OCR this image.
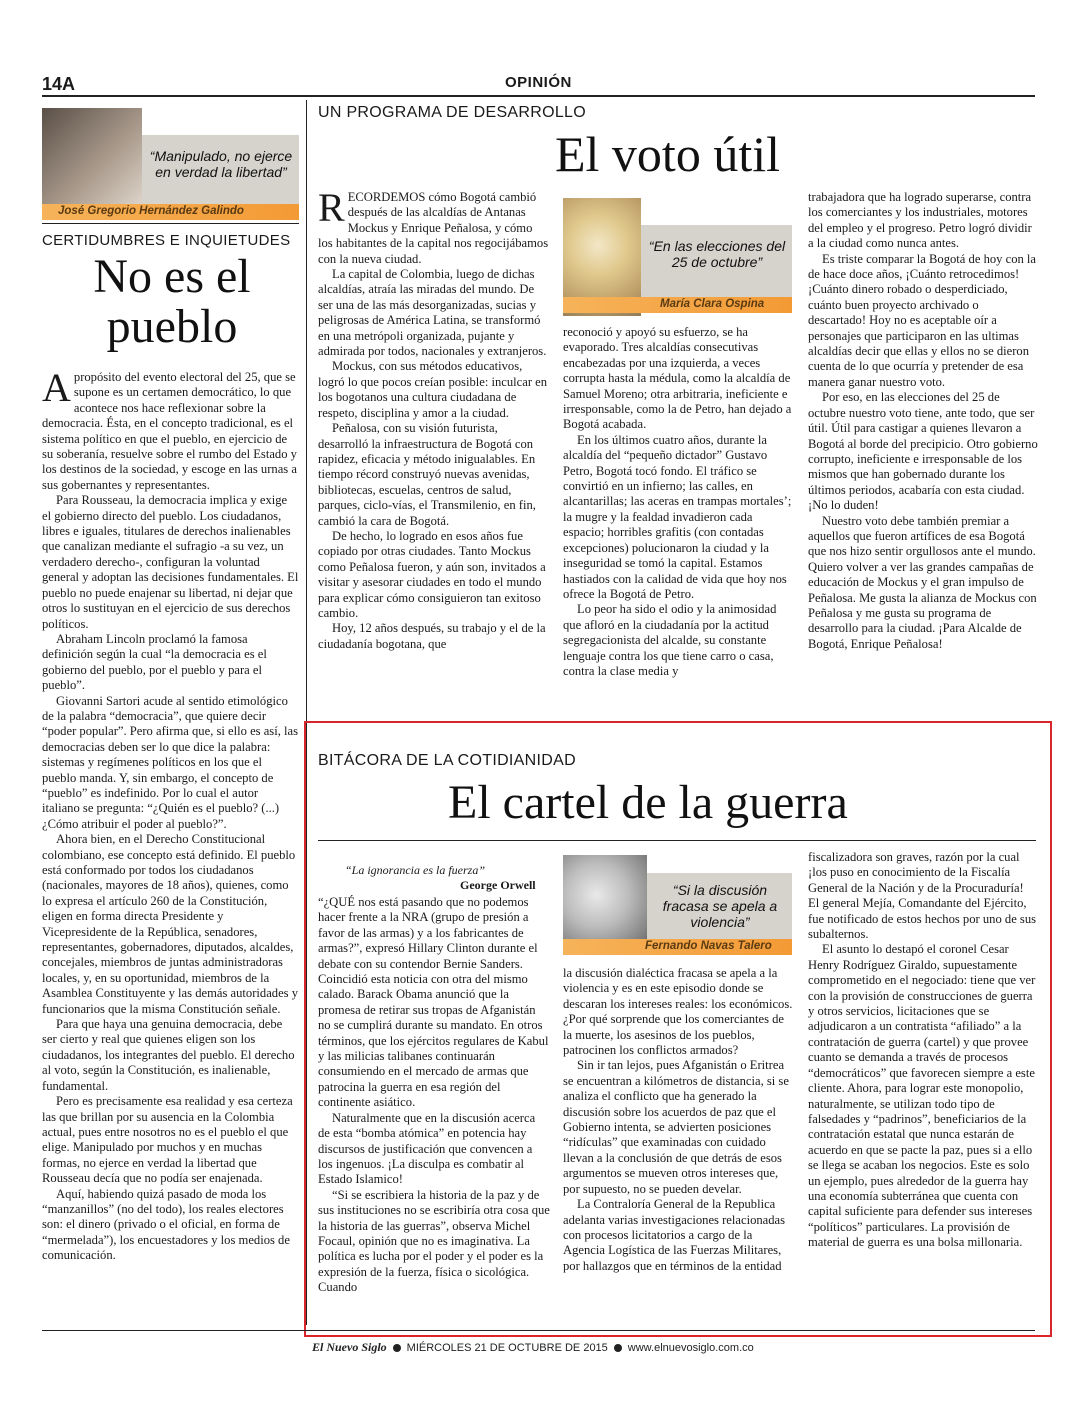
14A	OPINIÓN
“Manipulado, no ejerce en verdad la libertad”
José Gregorio Hernández Galindo
CERTIDUMBRES E INQUIETUDES
No es el pueblo

Apropósito del evento electoral del 25, que se supone es un certamen democrático, lo que acontece nos hace reflexionar sobre la democracia. Ésta, en el concepto tradicional, es el sistema político en que el pueblo, en ejercicio de su soberanía, resuelve sobre el rumbo del Estado y los destinos de la sociedad, y escoge en las urnas a sus gobernantes y representantes.

Para Rousseau, la democracia implica y exige el gobierno directo del pueblo. Los ciudadanos, libres e iguales, titulares de derechos inalienables que canalizan mediante el sufragio -a su vez, un verdadero derecho-, configuran la voluntad general y adoptan las decisiones fundamentales. El pueblo no puede enajenar su libertad, ni dejar que otros lo sustituyan en el ejercicio de sus derechos políticos.

Abraham Lincoln proclamó la famosa definición según la cual “la democracia es el gobierno del pueblo, por el pueblo y para el pueblo”.

Giovanni Sartori acude al sentido etimológico de la palabra “democracia”, que quiere decir “poder popular”. Pero afirma que, si ello es así, las democracias deben ser lo que dice la palabra: sistemas y regímenes políticos en los que el pueblo manda. Y, sin embargo, el concepto de “pueblo” es indefinido. Por lo cual el autor italiano se pregunta: “¿Quién es el pueblo? (...) ¿Cómo atribuir el poder al pueblo?”.

Ahora bien, en el Derecho Constitucional colombiano, ese concepto está definido. El pueblo está conformado por todos los ciudadanos (nacionales, mayores de 18 años), quienes, como lo expresa el artículo 260 de la Constitución, eligen en forma directa Presidente y Vicepresidente de la República, senadores, representantes, gobernadores, diputados, alcaldes, concejales, miembros de juntas administradoras locales, y, en su oportunidad, miembros de la Asamblea Constituyente y las demás autoridades y funcionarios que la misma Constitución señale.

Para que haya una genuina democracia, debe ser cierto y real que quienes eligen son los ciudadanos, los integrantes del pueblo. El derecho al voto, según la Constitución, es inalienable, fundamental.

Pero es precisamente esa realidad y esa certeza las que brillan por su ausencia en la Colombia actual, pues entre nosotros no es el pueblo el que elige. Manipulado por muchos y en muchas formas, no ejerce en verdad la libertad que Rousseau decía que no podía ser enajenada.

Aquí, habiendo quizá pasado de moda los “manzanillos” (no del todo), los reales electores son: el dinero (privado o el oficial, en forma de “mermelada”), los encuestadores y los medios de comunicación.

UN PROGRAMA DE DESARROLLO
El voto útil

RECORDEMOS cómo Bogotá cambió después de las alcaldías de Antanas Mockus y Enrique Peñalosa, y cómo los habitantes de la capital nos regocijábamos con la nueva ciudad.

La capital de Colombia, luego de dichas alcaldías, atraía las miradas del mundo. De ser una de las más desorganizadas, sucias y peligrosas de América Latina, se transformó en una metrópoli organizada, pujante y admirada por todos, nacionales y extranjeros.

Mockus, con sus métodos educativos, logró lo que pocos creían posible: inculcar en los bogotanos una cultura ciudadana de respeto, disciplina y amor a la ciudad.

Peñalosa, con su visión futurista, desarrolló la infraestructura de Bogotá con rapidez, eficacia y método inigualables. En tiempo récord construyó nuevas avenidas, bibliotecas, escuelas, centros de salud, parques, ciclo-vías, el Transmilenio, en fin, cambió la cara de Bogotá.

De hecho, lo logrado en esos años fue copiado por otras ciudades. Tanto Mockus como Peñalosa fueron, y aún son, invitados a visitar y asesorar ciudades en todo el mundo para explicar cómo consiguieron tan exitoso cambio.

Hoy, 12 años después, su trabajo y el de la ciudadanía bogotana, que

“En las elecciones del 25 de octubre”
María Clara Ospina

reconoció y apoyó su esfuerzo, se ha evaporado. Tres alcaldías consecutivas encabezadas por una izquierda, a veces corrupta hasta la médula, como la alcaldía de Samuel Moreno; otra arbitraria, ineficiente e irresponsable, como la de Petro, han dejado a Bogotá acabada.

En los últimos cuatro años, durante la alcaldía del “pequeño dictador” Gustavo Petro, Bogotá tocó fondo. El tráfico se convirtió en un infierno; las calles, en alcantarillas; las aceras en trampas mortales’; la mugre y la fealdad invadieron cada espacio; horribles grafitis (con contadas excepciones) polucionaron la ciudad y la inseguridad se tomó la capital. Estamos hastiados con la calidad de vida que hoy nos ofrece la Bogotá de Petro.

Lo peor ha sido el odio y la animosidad que afloró en la ciudadanía por la actitud segregacionista del alcalde, su constante lenguaje contra los que tiene carro o casa, contra la clase media y

trabajadora que ha logrado superarse, contra los comerciantes y los industriales, motores del empleo y el progreso. Petro logró dividir a la ciudad como nunca antes.

Es triste comparar la Bogotá de hoy con la de hace doce años, ¡Cuánto retrocedimos! ¡Cuánto dinero robado o desperdiciado, cuánto buen proyecto archivado o descartado! Hoy no es aceptable oír a personajes que participaron en las ultimas alcaldías decir que ellas y ellos no se dieron cuenta de lo que ocurría y pretender de esa manera ganar nuestro voto.

Por eso, en las elecciones del 25 de octubre nuestro voto tiene, ante todo, que ser útil. Útil para castigar a quienes llevaron a Bogotá al borde del precipicio. Otro gobierno corrupto, ineficiente e irresponsable de los mismos que han gobernado durante los últimos periodos, acabaría con esta ciudad. ¡No lo duden!

Nuestro voto debe también premiar a aquellos que fueron artífices de esa Bogotá que nos hizo sentir orgullosos ante el mundo. Quiero volver a ver las grandes campañas de educación de Mockus y el gran impulso de Peñalosa. Me gusta la alianza de Mockus con Peñalosa y me gusta su programa de desarrollo para la ciudad. ¡Para Alcalde de Bogotá, Enrique Peñalosa!

BITÁCORA DE LA COTIDIANIDAD
El cartel de la guerra
“La ignorancia es la fuerza”
George Orwell

“¿QUÉ nos está pasando que no podemos hacer frente a la NRA (grupo de presión a favor de las armas) y a los fabricantes de armas?”, expresó Hillary Clinton durante el debate con su contendor Bernie Sanders. Coincidió esta noticia con otra del mismo calado. Barack Obama anunció que la promesa de retirar sus tropas de Afganistán no se cumplirá durante su mandato. En otros términos, que los ejércitos regulares de Kabul y las milicias talibanes continuarán consumiendo en el mercado de armas que patrocina la guerra en esa región del continente asiático.

Naturalmente que en la discusión acerca de esta “bomba atómica” en potencia hay discursos de justificación que convencen a los ingenuos. ¡La disculpa es combatir al Estado Islamico!

“Si se escribiera la historia de la paz y de sus instituciones no se escribiría otra cosa que la historia de las guerras”, observa Michel Focaul, opinión que no es imaginativa. La política es lucha por el poder y el poder es la expresión de la fuerza, física o sicológica. Cuando

“Si la discusión fracasa se apela a violencia”
Fernando Navas Talero

la discusión dialéctica fracasa se apela a la violencia y es en este episodio donde se descaran los intereses reales: los económicos. ¿Por qué sorprende que los comerciantes de la muerte, los asesinos de los pueblos, patrocinen los conflictos armados?

Sin ir tan lejos, pues Afganistán o Eritrea se encuentran a kilómetros de distancia, si se analiza el conflicto que ha generado la discusión sobre los acuerdos de paz que el Gobierno intenta, se advierten posiciones “ridículas” que examinadas con cuidado llevan a la conclusión de que detrás de esos argumentos se mueven otros intereses que, por supuesto, no se pueden develar.

La Contraloría General de la Republica adelanta varias investigaciones relacionadas con procesos licitatorios a cargo de la Agencia Logística de las Fuerzas Militares, por hallazgos que en términos de la entidad

fiscalizadora son graves, razón por la cual ¡los puso en conocimiento de la Fiscalía General de la Nación y de la Procuraduría! El general Mejía, Comandante del Ejército, fue notificado de estos hechos por uno de sus subalternos.

El asunto lo destapó el coronel Cesar Henry Rodríguez Giraldo, supuestamente comprometido en el negociado: tiene que ver con la provisión de construcciones de guerra y otros servicios, licitaciones que se adjudicaron a un contratista “afiliado” a la contratación de guerra (cartel) y que provee cuanto se demanda a través de procesos “democráticos” que favorecen siempre a este cliente. Ahora, para lograr este monopolio, naturalmente, se utilizan todo tipo de falsedades y “padrinos”, beneficiarios de la contratación estatal que nunca estarán de acuerdo en que se pacte la paz, pues si a ello se llega se acaban los negocios. Este es solo un ejemplo, pues alrededor de la guerra hay una economía subterránea que cuenta con capital suficiente para defender sus intereses “políticos” particulares. La provisión de material de guerra es una bolsa millonaria.

El Nuevo Siglo MIÉRCOLES 21 DE OCTUBRE DE 2015 www.elnuevosiglo.com.co
